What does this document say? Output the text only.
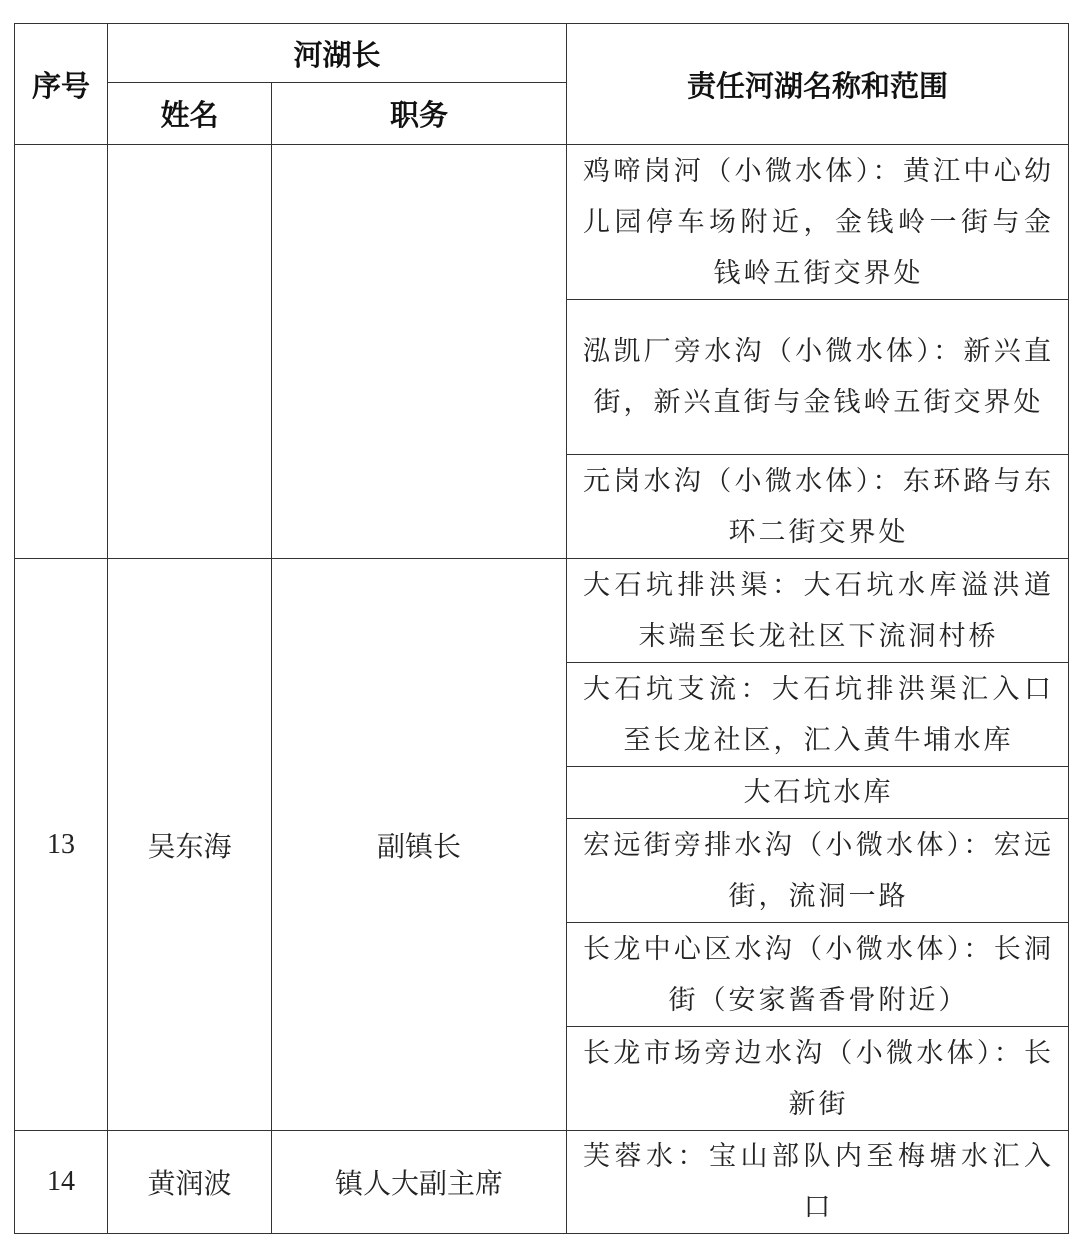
序号	河湖长		责任河湖名称和范围
	姓名	职务	
			鸡啼岗河（小微水体）：黄江中心幼儿园停车场附近，金钱岭一街与金钱岭五街交界处
			泓凯厂旁水沟（小微水体）：新兴直街，新兴直街与金钱岭五街交界处
			元岗水沟（小微水体）：东环路与东环二街交界处
13	吴东海	副镇长	大石坑排洪渠：大石坑水库溢洪道末端至长龙社区下流洞村桥
			大石坑支流：大石坑排洪渠汇入口至长龙社区，汇入黄牛埔水库
			大石坑水库
			宏远街旁排水沟（小微水体）：宏远街，流洞一路
			长龙中心区水沟（小微水体）：长洞街（安家酱香骨附近）
			长龙市场旁边水沟（小微水体）：长新街
14	黄润波	镇人大副主席	芙蓉水：宝山部队内至梅塘水汇入口
